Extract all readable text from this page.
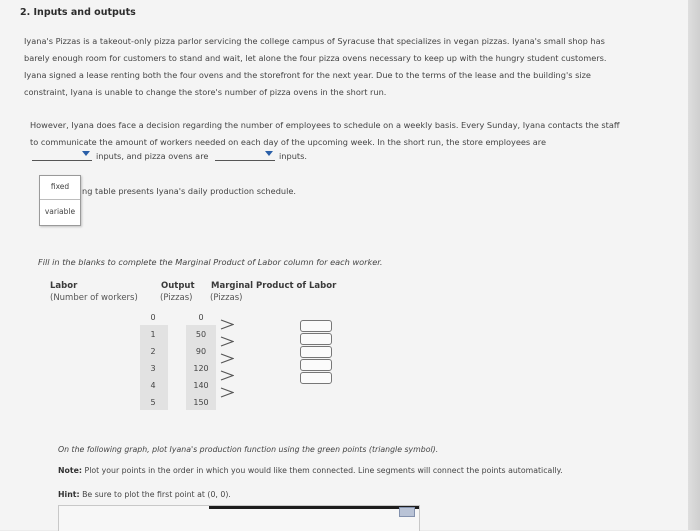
2. Inputs and outputs
Iyana's Pizzas is a takeout-only pizza parlor servicing the college campus of Syracuse that specializes in vegan pizzas. Iyana's small shop has barely enough room for customers to stand and wait, let alone the four pizza ovens necessary to keep up with the hungry student customers. Iyana signed a lease renting both the four ovens and the storefront for the next year. Due to the terms of the lease and the building's size constraint, Iyana is unable to change the store's number of pizza ovens in the short run.
However, Iyana does face a decision regarding the number of employees to schedule on a weekly basis. Every Sunday, Iyana contacts the staff to communicate the amount of workers needed on each day of the upcoming week. In the short run, the store employees are
inputs, and pizza ovens are	inputs.
ng table presents Iyana's daily production schedule.
fixed
variable
Fill in the blanks to complete the Marginal Product of Labor column for each worker.
Labor
(Number of workers)
Output
(Pizzas)
Marginal Product of Labor
(Pizzas)
0	0
1	50
2	90
3	120
4	140
5	150
On the following graph, plot Iyana's production function using the green points (triangle symbol).
Note: Plot your points in the order in which you would like them connected. Line segments will connect the points automatically.
Hint: Be sure to plot the first point at (0, 0).
